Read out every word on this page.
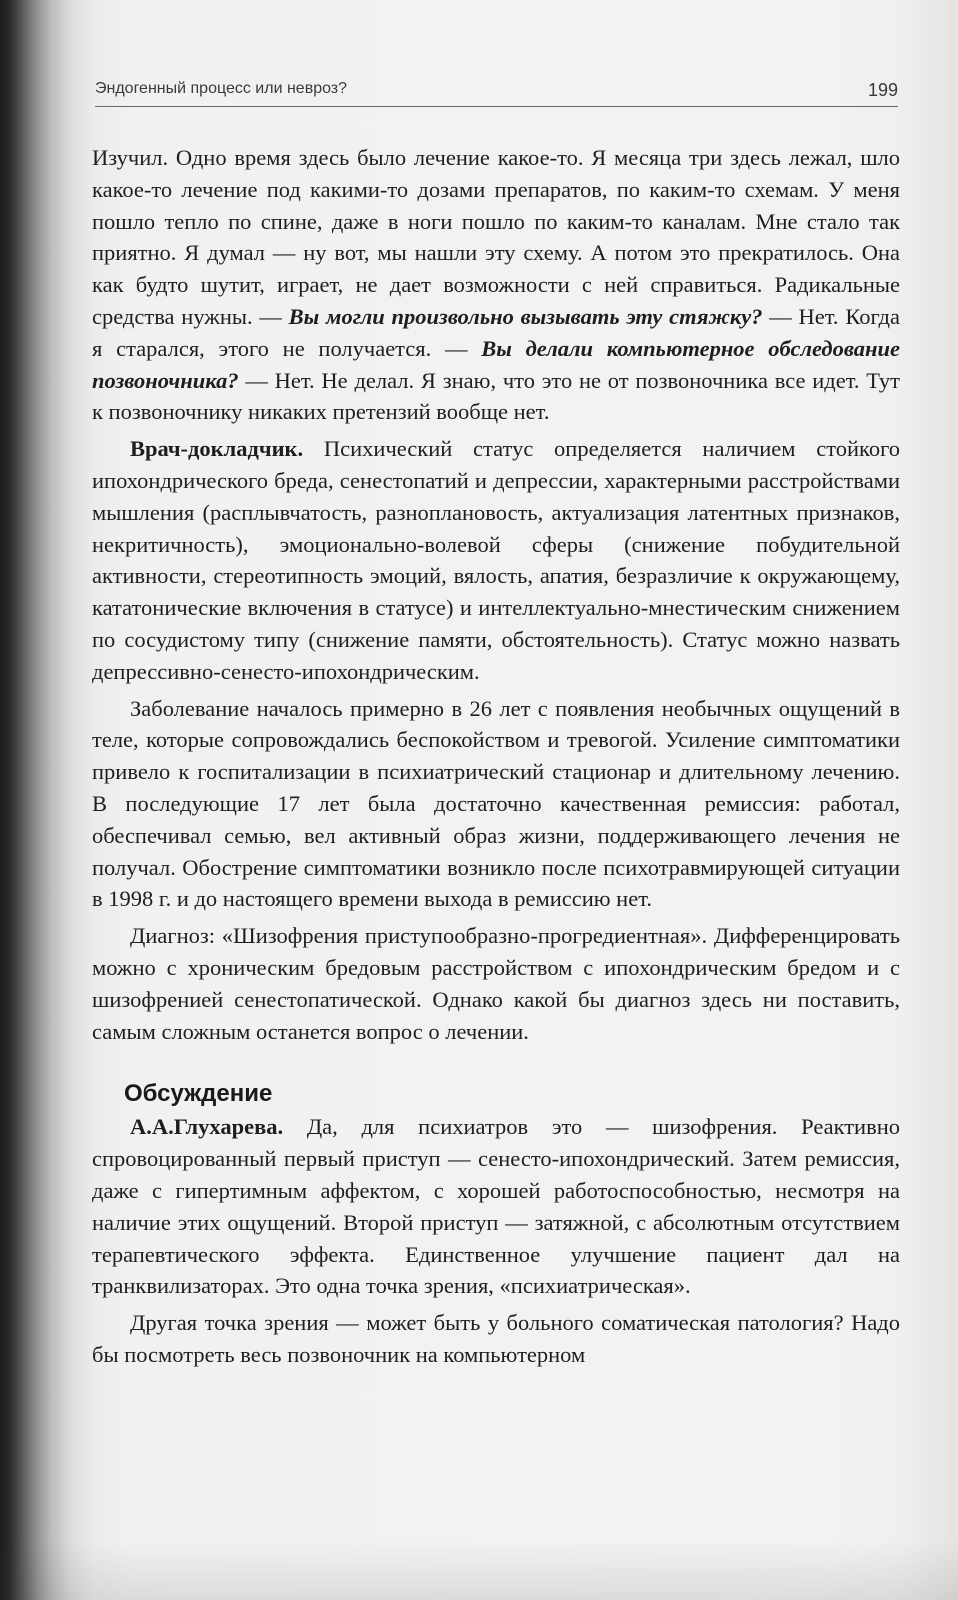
Эндогенный процесс или невроз?	199

Изучил. Одно время здесь было лечение какое-то. Я месяца три здесь лежал, шло какое-то лечение под какими-то дозами препаратов, по каким-то схемам. У меня пошло тепло по спине, даже в ноги пошло по каким-то каналам. Мне стало так приятно. Я думал — ну вот, мы нашли эту схему. А потом это прекратилось. Она как будто шутит, играет, не дает возможности с ней справиться. Радикальные средства нужны. — Вы могли произвольно вызывать эту стяжку? — Нет. Когда я старался, этого не получается. — Вы делали компьютерное обследование позвоночника? — Нет. Не делал. Я знаю, что это не от позвоночника все идет. Тут к позвоночнику никаких претензий вообще нет.

Врач-докладчик. Психический статус определяется наличием стойкого ипохондрического бреда, сенестопатий и депрессии, характерными расстройствами мышления (расплывчатость, разноплановость, актуализация латентных признаков, некритичность), эмоционально-волевой сферы (снижение побудительной активности, стереотипность эмоций, вялость, апатия, безразличие к окружающему, кататонические включения в статусе) и интеллектуально-мнестическим снижением по сосудистому типу (снижение памяти, обстоятельность). Статус можно назвать депрессивно-сенесто-ипохондрическим.

Заболевание началось примерно в 26 лет с появления необычных ощущений в теле, которые сопровождались беспокойством и тревогой. Усиление симптоматики привело к госпитализации в психиатрический стационар и длительному лечению. В последующие 17 лет была достаточно качественная ремиссия: работал, обеспечивал семью, вел активный образ жизни, поддерживающего лечения не получал. Обострение симптоматики возникло после психотравмирующей ситуации в 1998 г. и до настоящего времени выхода в ремиссию нет.

Диагноз: «Шизофрения приступообразно-прогредиентная». Дифференцировать можно с хроническим бредовым расстройством с ипохондрическим бредом и с шизофренией сенестопатической. Однако какой бы диагноз здесь ни поставить, самым сложным останется вопрос о лечении.

Обсуждение

А.А.Глухарева. Да, для психиатров это — шизофрения. Реактивно спровоцированный первый приступ — сенесто-ипохондрический. Затем ремиссия, даже с гипертимным аффектом, с хорошей работоспособностью, несмотря на наличие этих ощущений. Второй приступ — затяжной, с абсолютным отсутствием терапевтического эффекта. Единственное улучшение пациент дал на транквилизаторах. Это одна точка зрения, «психиатрическая».

Другая точка зрения — может быть у больного соматическая патология? Надо бы посмотреть весь позвоночник на компьютерном
